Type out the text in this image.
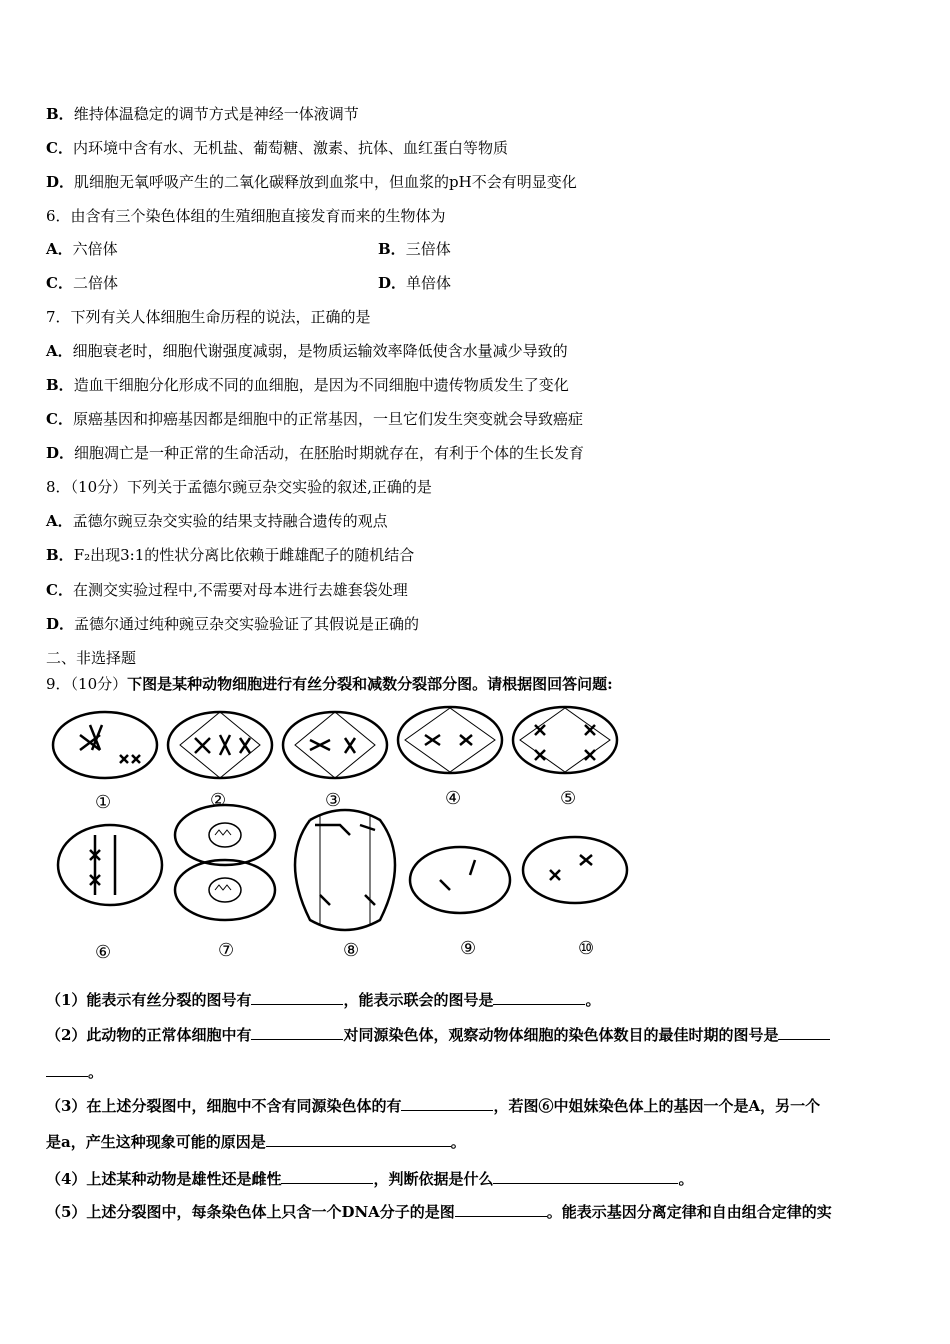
B．维持体温稳定的调节方式是神经一体液调节
C．内环境中含有水、无机盐、葡萄糖、激素、抗体、血红蛋白等物质
D．肌细胞无氧呼吸产生的二氧化碳释放到血浆中，但血浆的pH不会有明显变化
6．由含有三个染色体组的生殖细胞直接发育而来的生物体为
A．六倍体	B．三倍体
C．二倍体	D．单倍体
7．下列有关人体细胞生命历程的说法，正确的是
A．细胞衰老时，细胞代谢强度减弱，是物质运输效率降低使含水量减少导致的
B．造血干细胞分化形成不同的血细胞，是因为不同细胞中遗传物质发生了变化
C．原癌基因和抑癌基因都是细胞中的正常基因，一旦它们发生突变就会导致癌症
D．细胞凋亡是一种正常的生命活动，在胚胎时期就存在，有利于个体的生长发育
8．（10分）下列关于孟德尔豌豆杂交实验的叙述,正确的是
A．孟德尔豌豆杂交实验的结果支持融合遗传的观点
B．F₂出现3:1的性状分离比依赖于雌雄配子的随机结合
C．在测交实验过程中,不需要对母本进行去雄套袋处理
D．孟德尔通过纯种豌豆杂交实验验证了其假说是正确的
二、非选择题
9．（10分）下图是某种动物细胞进行有丝分裂和减数分裂部分图。请根据图回答问题:
①	②	③	④	⑤
⑥	⑦	⑧	⑨	⑩
（1）能表示有丝分裂的图号有	，能表示联会的图号是	。
（2）此动物的正常体细胞中有	对同源染色体，观察动物体细胞的染色体数目的最佳时期的图号是
。
（3）在上述分裂图中，细胞中不含有同源染色体的有	，若图⑥中姐妹染色体上的基因一个是A，另一个
是a，产生这种现象可能的原因是	。
（4）上述某种动物是雄性还是雌性	，判断依据是什么	。
（5）上述分裂图中，每条染色体上只含一个DNA分子的是图	。能表示基因分离定律和自由组合定律的实
